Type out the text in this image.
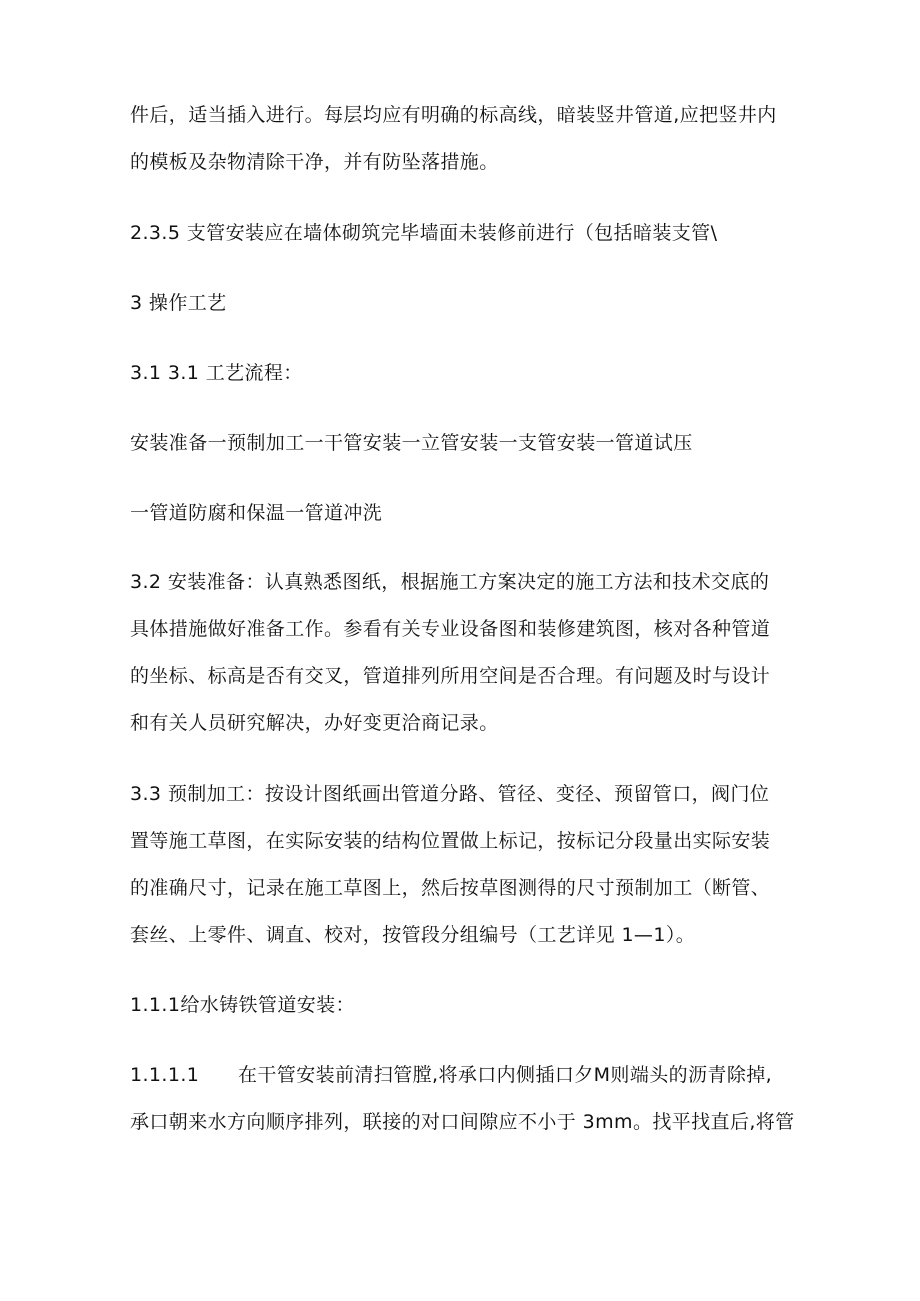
件后，适当插入进行。每层均应有明确的标高线，暗装竖井管道,应把竖井内

的模板及杂物清除干净，并有防坠落措施。

2.3.5 支管安装应在墙体砌筑完毕墙面未装修前进行（包括暗装支管\

3 操作工艺

3.1 3.1 工艺流程：

安装准备一预制加工一干管安装一立管安装一支管安装一管道试压

一管道防腐和保温一管道冲洗

3.2 安装准备：认真熟悉图纸，根据施工方案决定的施工方法和技术交底的

具体措施做好准备工作。参看有关专业设备图和装修建筑图，核对各种管道

的坐标、标高是否有交叉，管道排列所用空间是否合理。有问题及时与设计

和有关人员研究解决，办好变更洽商记录。

3.3 预制加工：按设计图纸画出管道分路、管径、变径、预留管口，阀门位

置等施工草图，在实际安装的结构位置做上标记，按标记分段量出实际安装

的准确尺寸，记录在施工草图上，然后按草图测得的尺寸预制加工（断管、

套丝、上零件、调直、校对，按管段分组编号（工艺详见 1—1）。

1.1.1给水铸铁管道安装：

1.1.1.1 在干管安装前清扫管膛,将承口内侧插口夕M则端头的沥青除掉,

承口朝来水方向顺序排列，联接的对口间隙应不小于 3mm。找平找直后,将管
